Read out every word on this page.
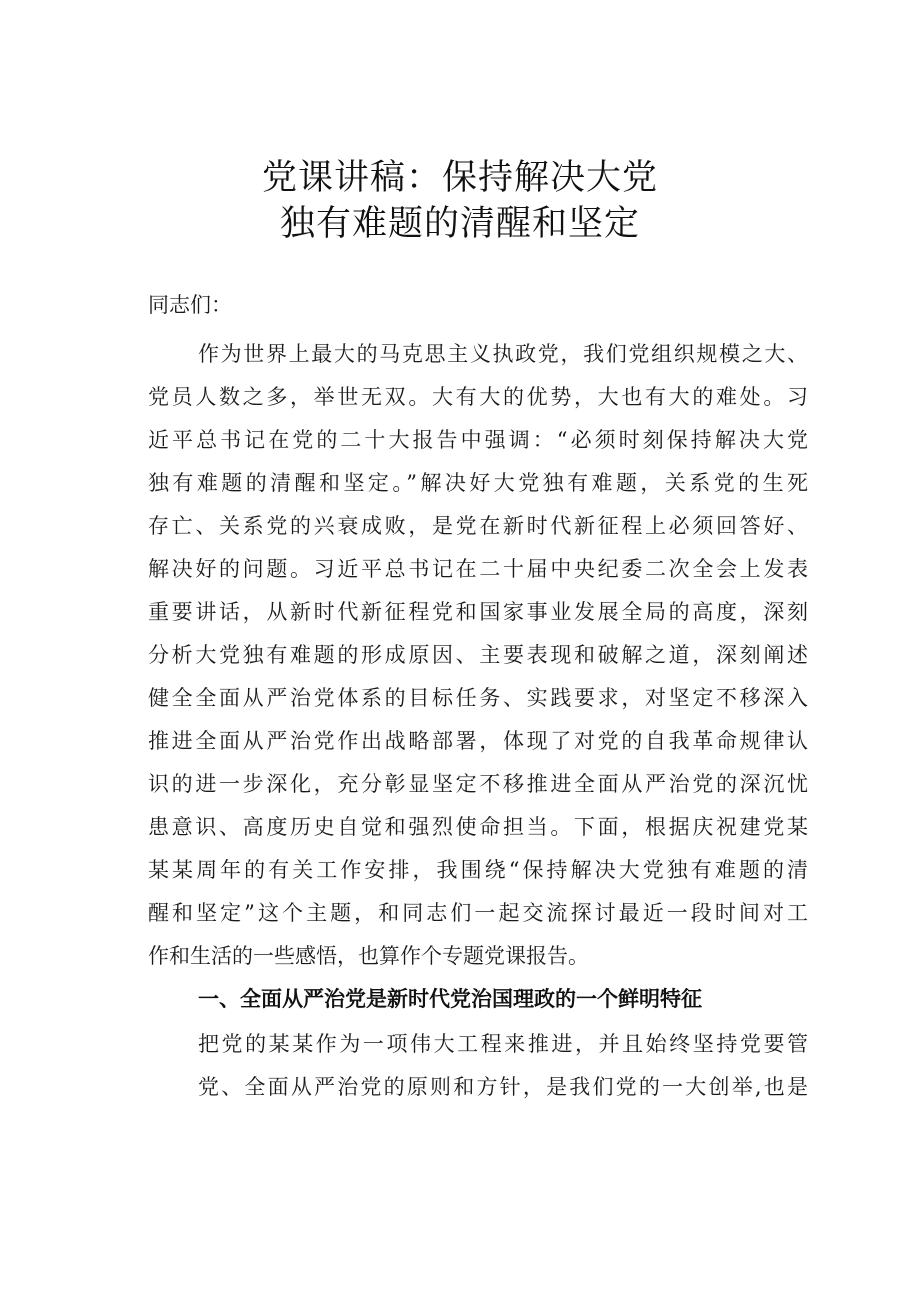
党课讲稿：保持解决大党
独有难题的清醒和坚定
同志们：
作为世界上最大的马克思主义执政党，我们党组织规模之大、
党员人数之多，举世无双。大有大的优势，大也有大的难处。习
近平总书记在党的二十大报告中强调：“必须时刻保持解决大党
独有难题的清醒和坚定。”解决好大党独有难题，关系党的生死
存亡、关系党的兴衰成败，是党在新时代新征程上必须回答好、
解决好的问题。习近平总书记在二十届中央纪委二次全会上发表
重要讲话，从新时代新征程党和国家事业发展全局的高度，深刻
分析大党独有难题的形成原因、主要表现和破解之道，深刻阐述
健全全面从严治党体系的目标任务、实践要求，对坚定不移深入
推进全面从严治党作出战略部署，体现了对党的自我革命规律认
识的进一步深化，充分彰显坚定不移推进全面从严治党的深沉忧
患意识、高度历史自觉和强烈使命担当。下面，根据庆祝建党某
某某周年的有关工作安排，我围绕“保持解决大党独有难题的清
醒和坚定”这个主题，和同志们一起交流探讨最近一段时间对工
作和生活的一些感悟，也算作个专题党课报告。
一、全面从严治党是新时代党治国理政的一个鲜明特征
把党的某某作为一项伟大工程来推进，并且始终坚持党要管
党、全面从严治党的原则和方针，是我们党的一大创举,也是
